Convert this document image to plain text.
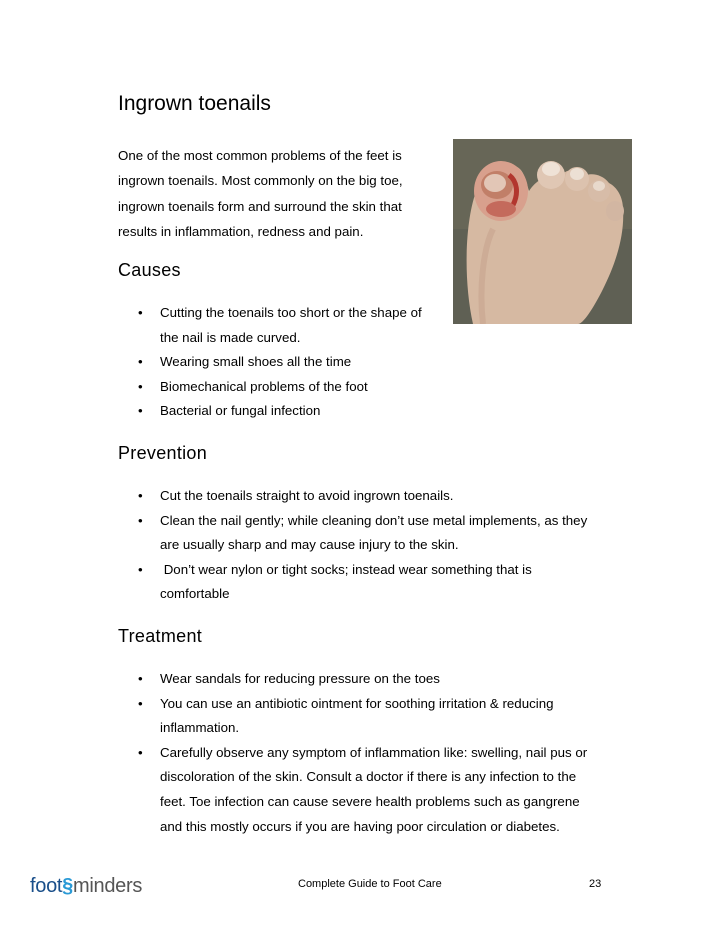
Ingrown toenails

One of the most common problems of the feet is
ingrown toenails. Most commonly on the big toe,
ingrown toenails form and surround the skin that
results in inflammation, redness and pain.

Causes
• Cutting the toenails too short or the shape of
the nail is made curved.
• Wearing small shoes all the time
• Biomechanical problems of the foot
• Bacterial or fungal infection
Prevention
• Cut the toenails straight to avoid ingrown toenails.
• Clean the nail gently; while cleaning don’t use metal implements, as they
are usually sharp and may cause injury to the skin.
• Don’t wear nylon or tight socks; instead wear something that is
comfortable
Treatment
• Wear sandals for reducing pressure on the toes
• You can use an antibiotic ointment for soothing irritation & reducing
inflammation.
• Carefully observe any symptom of inflammation like: swelling, nail pus or
discoloration of the skin. Consult a doctor if there is any infection to the
feet. Toe infection can cause severe health problems such as gangrene
and this mostly occurs if you are having poor circulation or diabetes.
foot§minders	Complete Guide to Foot Care	23
